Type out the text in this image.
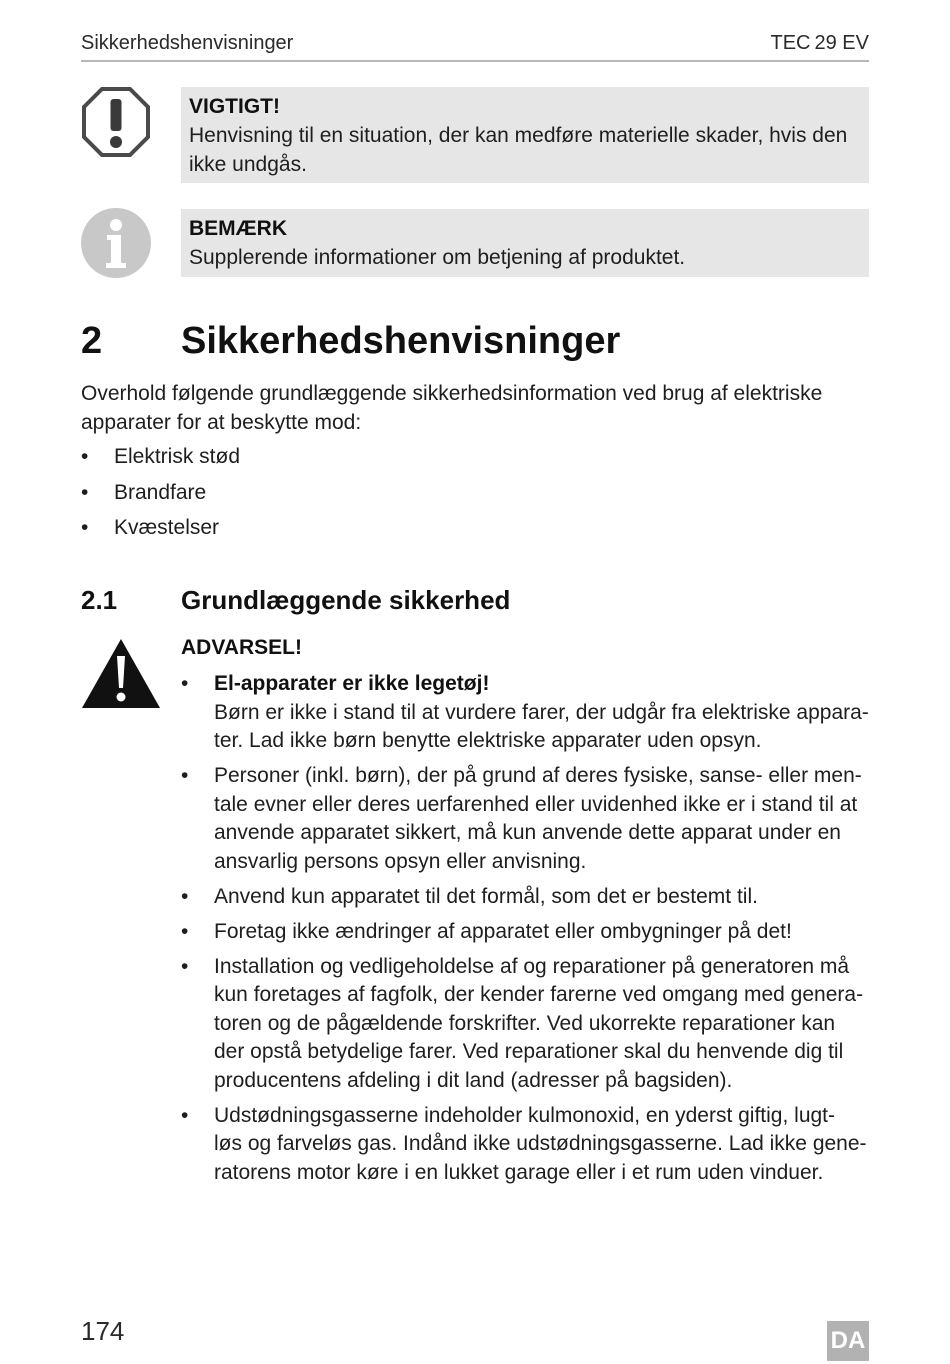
Sikkerhedshenvisninger	TEC 29 EV
VIGTIGT!
Henvisning til en situation, der kan medføre materielle skader, hvis den
ikke undgås.
BEMÆRK
Supplerende informationer om betjening af produktet.
2 Sikkerhedshenvisninger
Overhold følgende grundlæggende sikkerhedsinformation ved brug af elektriske
apparater for at beskytte mod:
• Elektrisk stød
• Brandfare
• Kvæstelser
2.1 Grundlæggende sikkerhed
ADVARSEL!
• El-apparater er ikke legetøj!
Børn er ikke i stand til at vurdere farer, der udgår fra elektriske appara-
ter. Lad ikke børn benytte elektriske apparater uden opsyn.
• Personer (inkl. børn), der på grund af deres fysiske, sanse- eller men-
tale evner eller deres uerfarenhed eller uvidenhed ikke er i stand til at
anvende apparatet sikkert, må kun anvende dette apparat under en
ansvarlig persons opsyn eller anvisning.
• Anvend kun apparatet til det formål, som det er bestemt til.
• Foretag ikke ændringer af apparatet eller ombygninger på det!
• Installation og vedligeholdelse af og reparationer på generatoren må
kun foretages af fagfolk, der kender farerne ved omgang med genera-
toren og de pågældende forskrifter. Ved ukorrekte reparationer kan
der opstå betydelige farer. Ved reparationer skal du henvende dig til
producentens afdeling i dit land (adresser på bagsiden).
• Udstødningsgasserne indeholder kulmonoxid, en yderst giftig, lugt-
løs og farveløs gas. Indånd ikke udstødningsgasserne. Lad ikke gene-
ratorens motor køre i en lukket garage eller i et rum uden vinduer.
174	DA
